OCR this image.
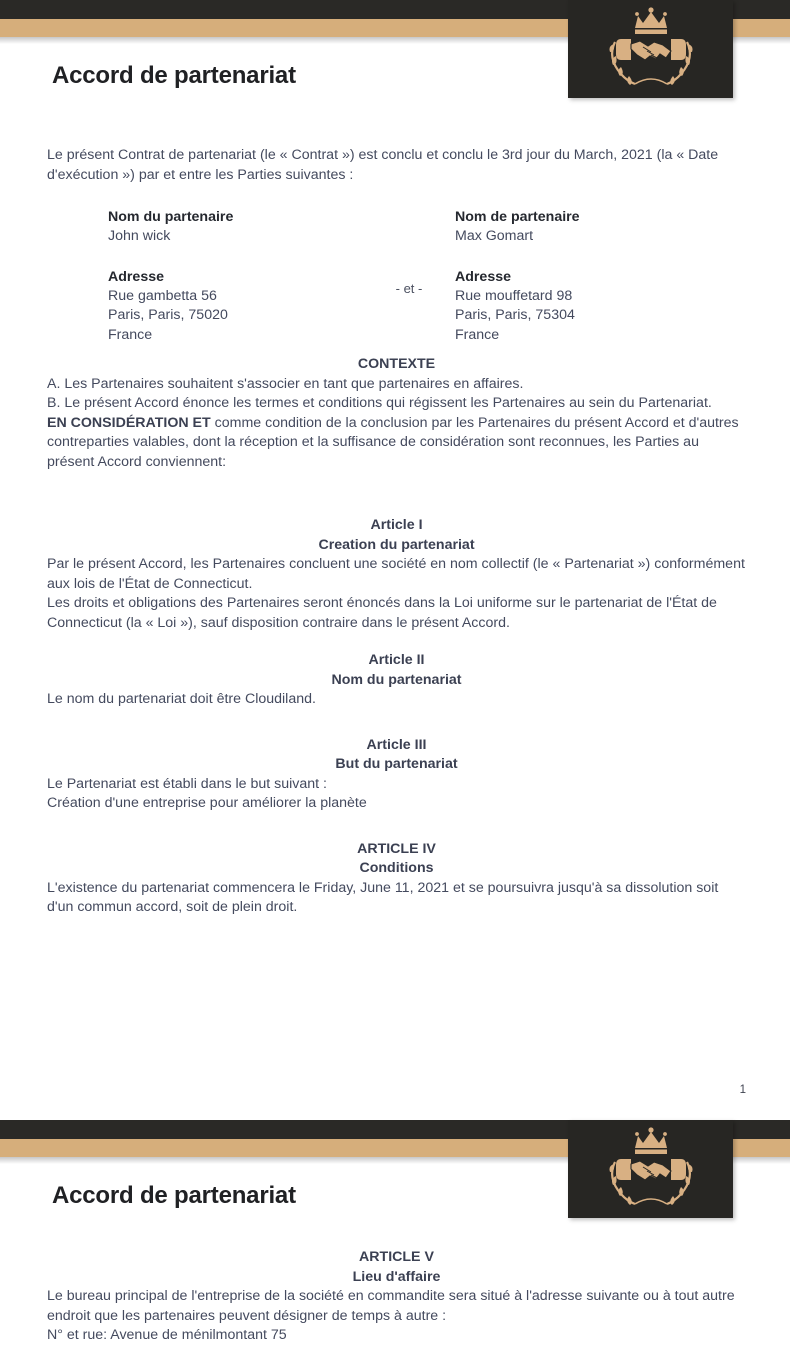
Accord de partenariat
Le présent Contrat de partenariat (le « Contrat ») est conclu et conclu le 3rd jour du March, 2021 (la « Date d'exécution ») par et entre les Parties suivantes :
Nom du partenaire
John wick
Adresse
Rue gambetta 56
Paris, Paris, 75020
France
- et -
Nom de partenaire
Max Gomart
Adresse
Rue mouffetard 98
Paris, Paris, 75304
France
CONTEXTE
A. Les Partenaires souhaitent s'associer en tant que partenaires en affaires.
B. Le présent Accord énonce les termes et conditions qui régissent les Partenaires au sein du Partenariat.
EN CONSIDÉRATION ET comme condition de la conclusion par les Partenaires du présent Accord et d'autres contreparties valables, dont la réception et la suffisance de considération sont reconnues, les Parties au présent Accord conviennent:
Article I
Creation du partenariat
Par le présent Accord, les Partenaires concluent une société en nom collectif (le « Partenariat ») conformément aux lois de l'État de Connecticut.
Les droits et obligations des Partenaires seront énoncés dans la Loi uniforme sur le partenariat de l'État de Connecticut (la « Loi »), sauf disposition contraire dans le présent Accord.
Article II
Nom du partenariat
Le nom du partenariat doit être Cloudiland.
Article III
But du partenariat
Le Partenariat est établi dans le but suivant :
Création d'une entreprise pour améliorer la planète
ARTICLE IV
Conditions
L'existence du partenariat commencera le Friday, June 11, 2021 et se poursuivra jusqu'à sa dissolution soit d'un commun accord, soit de plein droit.
1
Accord de partenariat
ARTICLE V
Lieu d'affaire
Le bureau principal de l'entreprise de la société en commandite sera situé à l'adresse suivante ou à tout autre endroit que les partenaires peuvent désigner de temps à autre :
N° et rue: Avenue de ménilmontant 75
